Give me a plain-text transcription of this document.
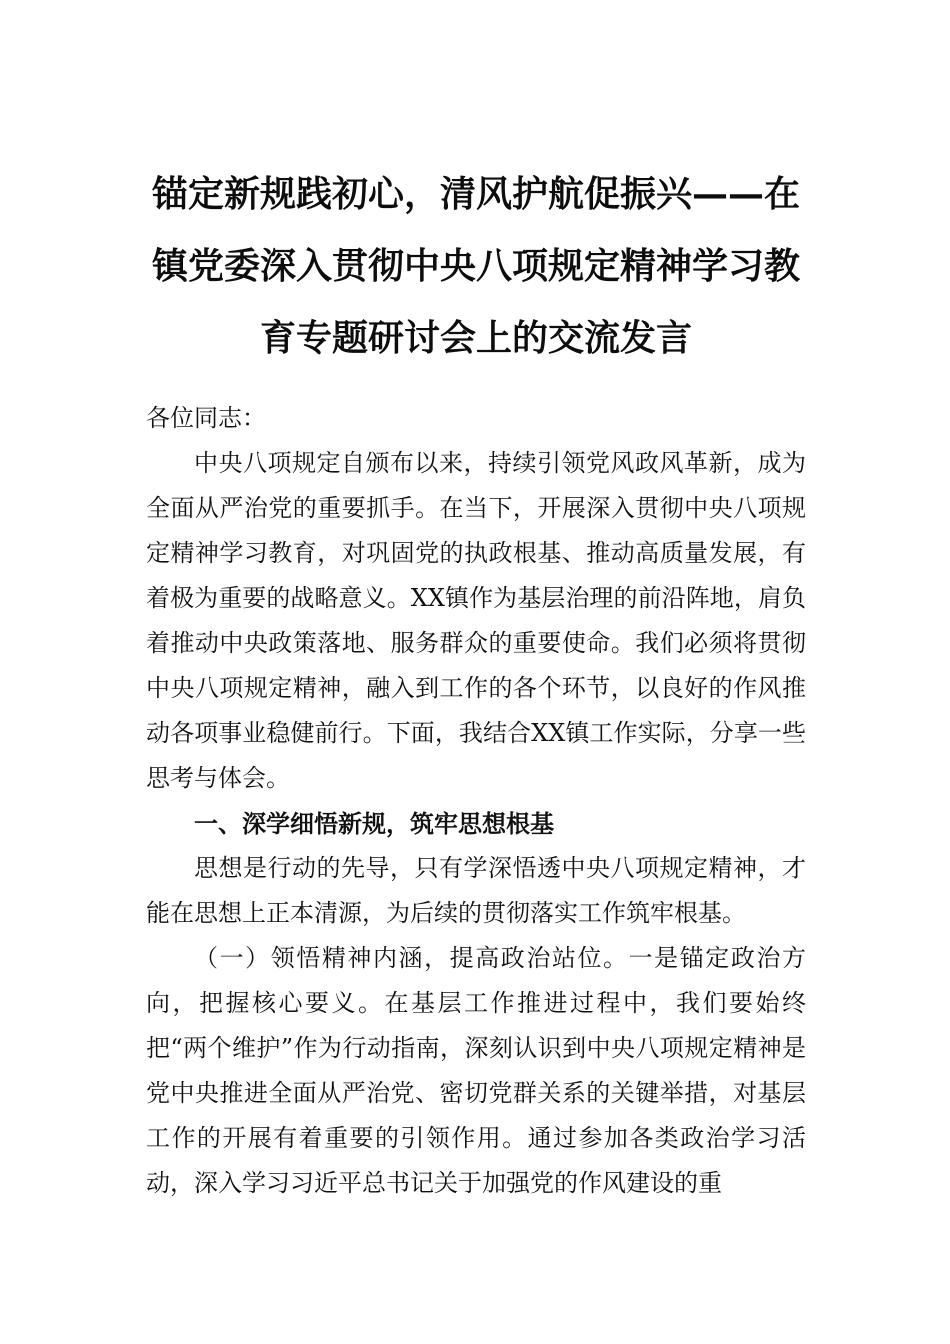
锚定新规践初心，清风护航促振兴——在镇党委深入贯彻中央八项规定精神学习教育专题研讨会上的交流发言

各位同志：

中央八项规定自颁布以来，持续引领党风政风革新，成为全面从严治党的重要抓手。在当下，开展深入贯彻中央八项规定精神学习教育，对巩固党的执政根基、推动高质量发展，有着极为重要的战略意义。XX镇作为基层治理的前沿阵地，肩负着推动中央政策落地、服务群众的重要使命。我们必须将贯彻中央八项规定精神，融入到工作的各个环节，以良好的作风推动各项事业稳健前行。下面，我结合XX镇工作实际，分享一些思考与体会。

一、深学细悟新规，筑牢思想根基

思想是行动的先导，只有学深悟透中央八项规定精神，才能在思想上正本清源，为后续的贯彻落实工作筑牢根基。

（一）领悟精神内涵，提高政治站位。一是锚定政治方向，把握核心要义。在基层工作推进过程中，我们要始终把“两个维护”作为行动指南，深刻认识到中央八项规定精神是党中央推进全面从严治党、密切党群关系的关键举措，对基层工作的开展有着重要的引领作用。通过参加各类政治学习活动，深入学习习近平总书记关于加强党的作风建设的重
